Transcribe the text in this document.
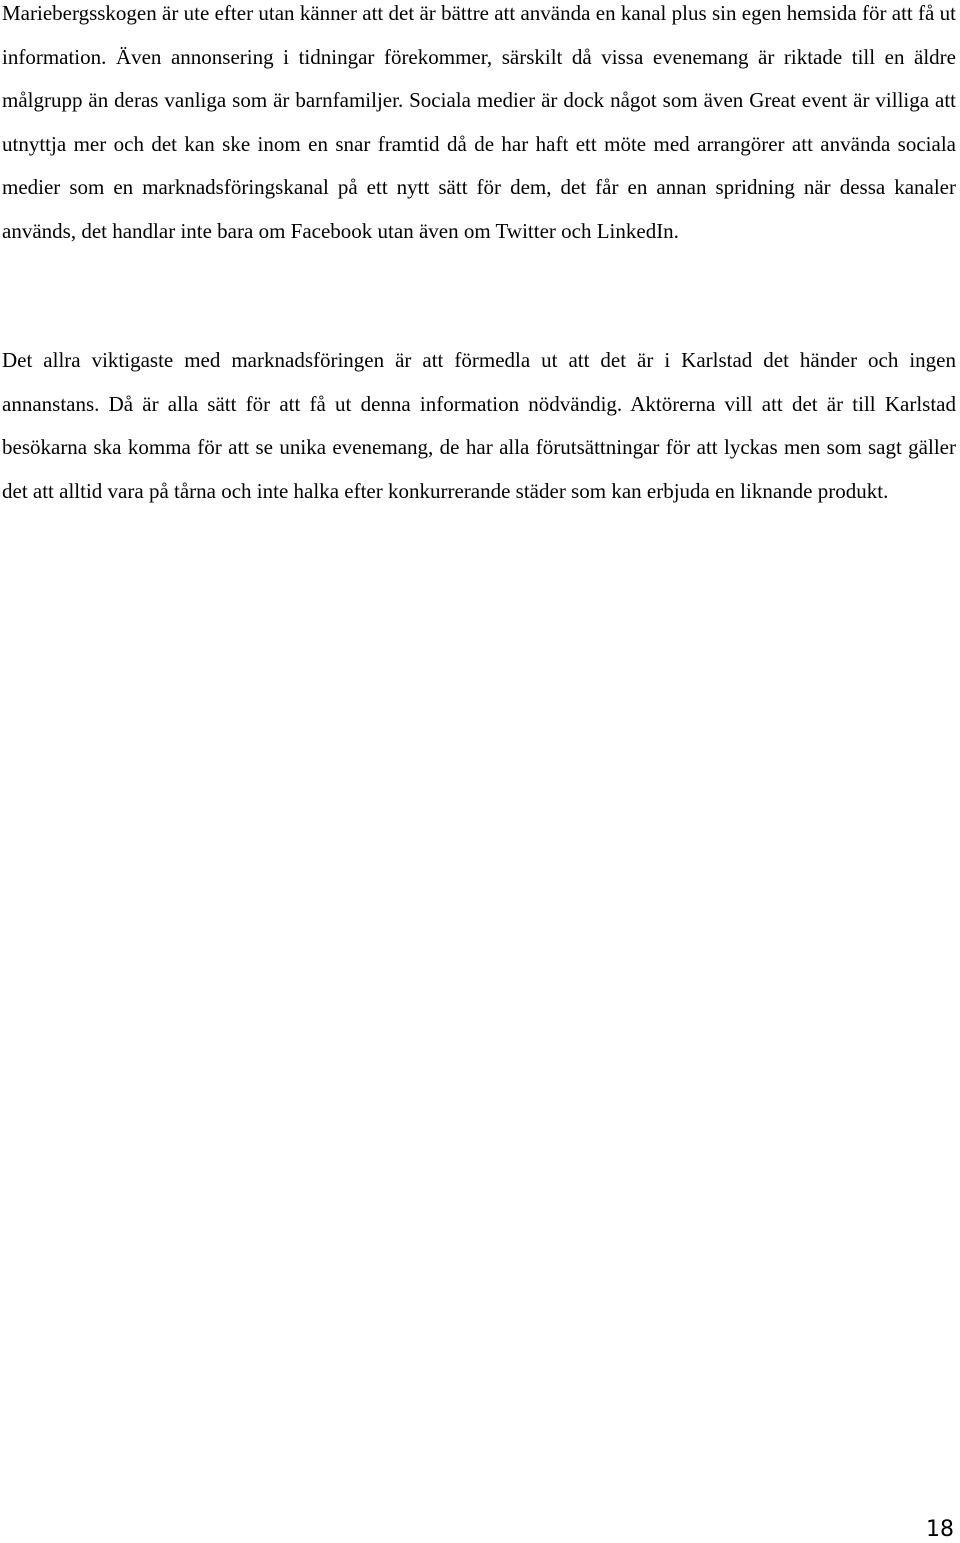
Mariebergsskogen är ute efter utan känner att det är bättre att använda en kanal plus sin egen hemsida för att få ut information. Även annonsering i tidningar förekommer, särskilt då vissa evenemang är riktade till en äldre målgrupp än deras vanliga som är barnfamiljer. Sociala medier är dock något som även Great event är villiga att utnyttja mer och det kan ske inom en snar framtid då de har haft ett möte med arrangörer att använda sociala medier som en marknadsföringskanal på ett nytt sätt för dem, det får en annan spridning när dessa kanaler används, det handlar inte bara om Facebook utan även om Twitter och LinkedIn.

Det allra viktigaste med marknadsföringen är att förmedla ut att det är i Karlstad det händer och ingen annanstans. Då är alla sätt för att få ut denna information nödvändig. Aktörerna vill att det är till Karlstad besökarna ska komma för att se unika evenemang, de har alla förutsättningar för att lyckas men som sagt gäller det att alltid vara på tårna och inte halka efter konkurrerande städer som kan erbjuda en liknande produkt.

18
